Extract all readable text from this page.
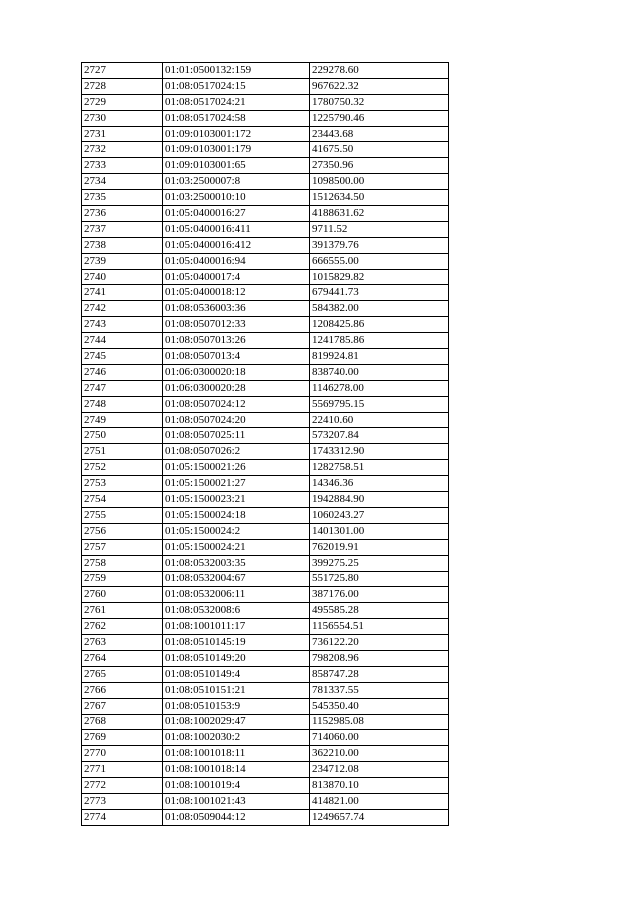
2727	01:01:0500132:159	229278.60
2728	01:08:0517024:15	967622.32
2729	01:08:0517024:21	1780750.32
2730	01:08:0517024:58	1225790.46
2731	01:09:0103001:172	23443.68
2732	01:09:0103001:179	41675.50
2733	01:09:0103001:65	27350.96
2734	01:03:2500007:8	1098500.00
2735	01:03:2500010:10	1512634.50
2736	01:05:0400016:27	4188631.62
2737	01:05:0400016:411	9711.52
2738	01:05:0400016:412	391379.76
2739	01:05:0400016:94	666555.00
2740	01:05:0400017:4	1015829.82
2741	01:05:0400018:12	679441.73
2742	01:08:0536003:36	584382.00
2743	01:08:0507012:33	1208425.86
2744	01:08:0507013:26	1241785.86
2745	01:08:0507013:4	819924.81
2746	01:06:0300020:18	838740.00
2747	01:06:0300020:28	1146278.00
2748	01:08:0507024:12	5569795.15
2749	01:08:0507024:20	22410.60
2750	01:08:0507025:11	573207.84
2751	01:08:0507026:2	1743312.90
2752	01:05:1500021:26	1282758.51
2753	01:05:1500021:27	14346.36
2754	01:05:1500023:21	1942884.90
2755	01:05:1500024:18	1060243.27
2756	01:05:1500024:2	1401301.00
2757	01:05:1500024:21	762019.91
2758	01:08:0532003:35	399275.25
2759	01:08:0532004:67	551725.80
2760	01:08:0532006:11	387176.00
2761	01:08:0532008:6	495585.28
2762	01:08:1001011:17	1156554.51
2763	01:08:0510145:19	736122.20
2764	01:08:0510149:20	798208.96
2765	01:08:0510149:4	858747.28
2766	01:08:0510151:21	781337.55
2767	01:08:0510153:9	545350.40
2768	01:08:1002029:47	1152985.08
2769	01:08:1002030:2	714060.00
2770	01:08:1001018:11	362210.00
2771	01:08:1001018:14	234712.08
2772	01:08:1001019:4	813870.10
2773	01:08:1001021:43	414821.00
2774	01:08:0509044:12	1249657.74
